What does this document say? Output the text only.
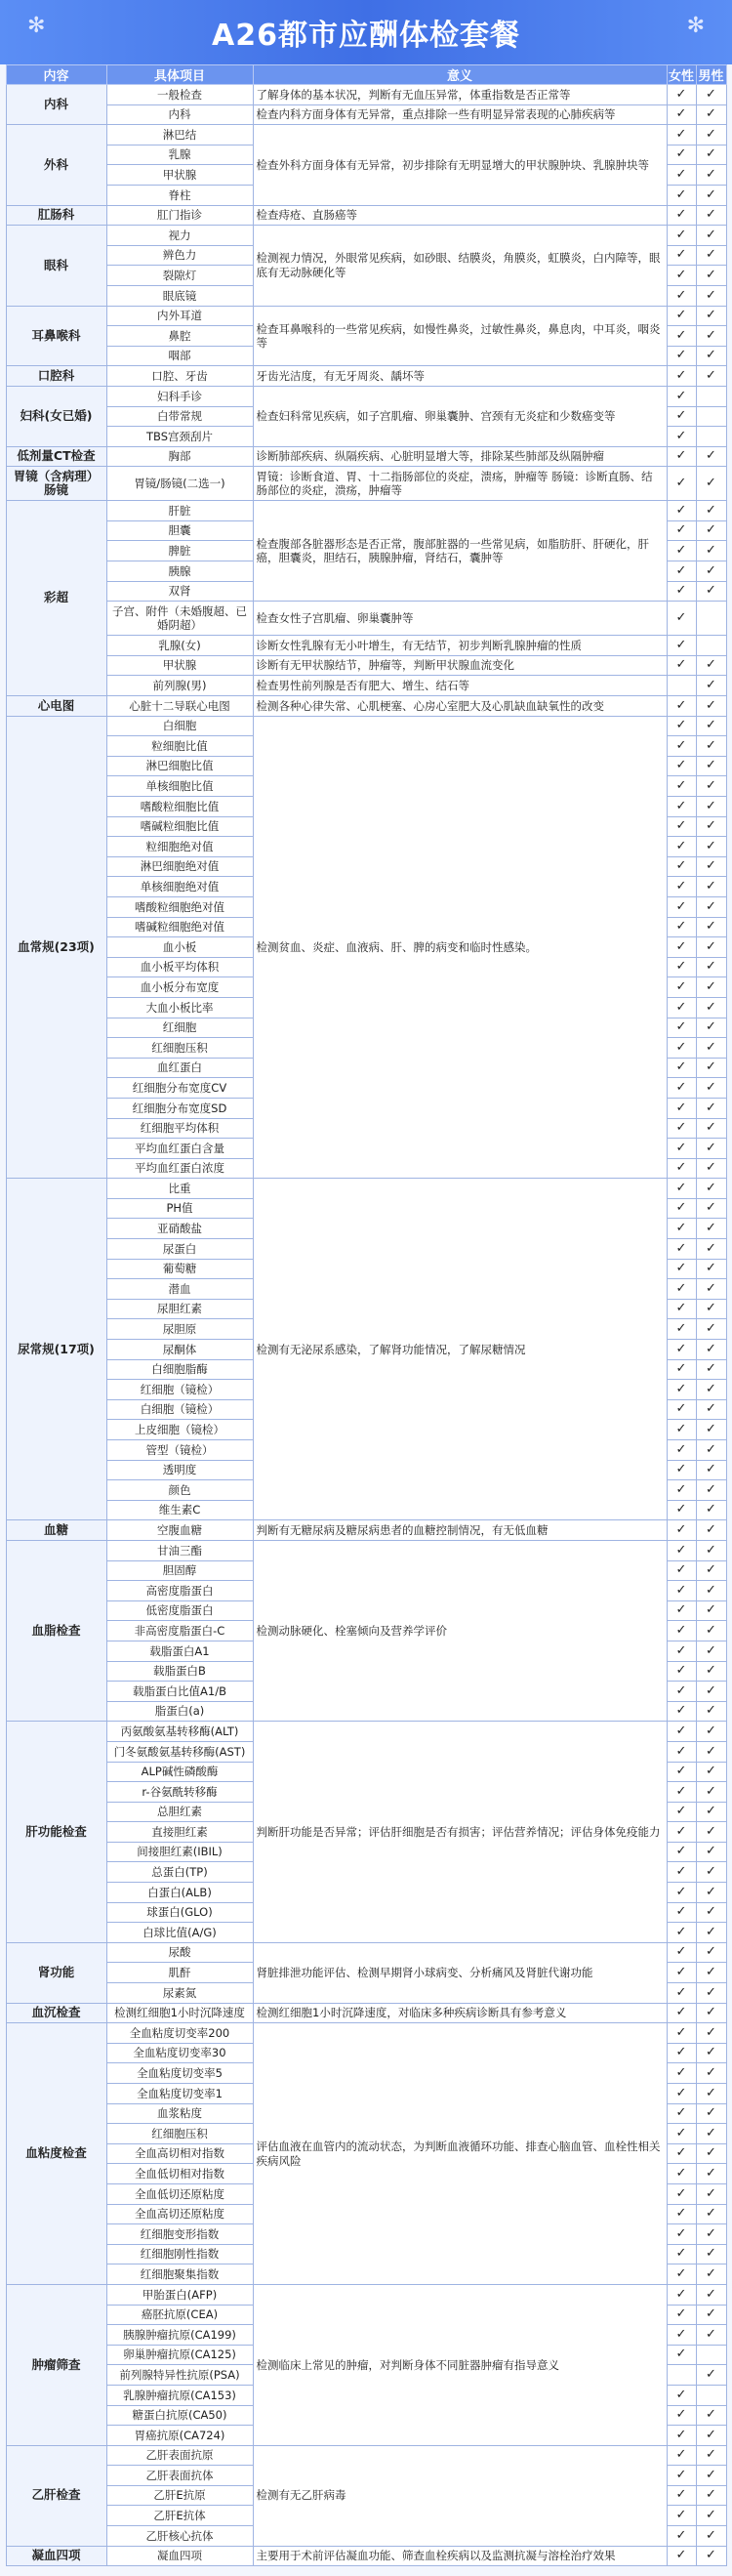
✻	A26都市应酬体检套餐	✻
内容	具体项目	意义	女性	男性
内科	一般检查	了解身体的基本状况，判断有无血压异常，体重指数是否正常等	✓	✓
	内科	检查内科方面身体有无异常，重点排除一些有明显异常表现的心肺疾病等	✓	✓
外科	淋巴结	检查外科方面身体有无异常，初步排除有无明显增大的甲状腺肿块、乳腺肿块等	✓	✓
	乳腺		✓	✓
	甲状腺		✓	✓
	脊柱		✓	✓
肛肠科	肛门指诊	检查痔疮、直肠癌等	✓	✓
眼科	视力	检测视力情况，外眼常见疾病，如砂眼、结膜炎，角膜炎，虹膜炎，白内障等，眼底有无动脉硬化等	✓	✓
	辨色力		✓	✓
	裂隙灯		✓	✓
	眼底镜		✓	✓
耳鼻喉科	内外耳道	检查耳鼻喉科的一些常见疾病，如慢性鼻炎，过敏性鼻炎，鼻息肉，中耳炎，咽炎等	✓	✓
	鼻腔		✓	✓
	咽部		✓	✓
口腔科	口腔、牙齿	牙齿光洁度，有无牙周炎、龋坏等	✓	✓
妇科(女已婚)	妇科手诊	检查妇科常见疾病，如子宫肌瘤、卵巢囊肿、宫颈有无炎症和少数癌变等	✓	
	白带常规		✓	
	TBS宫颈刮片		✓	
低剂量CT检查	胸部	诊断肺部疾病、纵隔疾病、心脏明显增大等，排除某些肺部及纵隔肿瘤	✓	✓
胃镜（含病理）肠镜	胃镜/肠镜(二选一)	胃镜：诊断食道、胃、十二指肠部位的炎症，溃疡，肿瘤等 肠镜：诊断直肠、结肠部位的炎症，溃疡，肿瘤等	✓	✓
彩超	肝脏	检查腹部各脏器形态是否正常，腹部脏器的一些常见病，如脂肪肝、肝硬化，肝癌，胆囊炎，胆结石，胰腺肿瘤，肾结石，囊肿等	✓	✓
	胆囊		✓	✓
	脾脏		✓	✓
	胰腺		✓	✓
	双肾		✓	✓
	子宫、附件（未婚腹超、已婚阴超）	检查女性子宫肌瘤、卵巢囊肿等	✓	
	乳腺(女)	诊断女性乳腺有无小叶增生，有无结节，初步判断乳腺肿瘤的性质	✓	
	甲状腺	诊断有无甲状腺结节，肿瘤等，判断甲状腺血流变化	✓	✓
	前列腺(男)	检查男性前列腺是否有肥大、增生、结石等		✓
心电图	心脏十二导联心电图	检测各种心律失常、心肌梗塞、心房心室肥大及心肌缺血缺氧性的改变	✓	✓
血常规(23项)	白细胞	检测贫血、炎症、血液病、肝、脾的病变和临时性感染。	✓	✓
	粒细胞比值		✓	✓
	淋巴细胞比值		✓	✓
	单核细胞比值		✓	✓
	嗜酸粒细胞比值		✓	✓
	嗜碱粒细胞比值		✓	✓
	粒细胞绝对值		✓	✓
	淋巴细胞绝对值		✓	✓
	单核细胞绝对值		✓	✓
	嗜酸粒细胞绝对值		✓	✓
	嗜碱粒细胞绝对值		✓	✓
	血小板		✓	✓
	血小板平均体积		✓	✓
	血小板分布宽度		✓	✓
	大血小板比率		✓	✓
	红细胞		✓	✓
	红细胞压积		✓	✓
	血红蛋白		✓	✓
	红细胞分布宽度CV		✓	✓
	红细胞分布宽度SD		✓	✓
	红细胞平均体积		✓	✓
	平均血红蛋白含量		✓	✓
	平均血红蛋白浓度		✓	✓
尿常规(17项)	比重	检测有无泌尿系感染，了解肾功能情况，了解尿糖情况	✓	✓
	PH值		✓	✓
	亚硝酸盐		✓	✓
	尿蛋白		✓	✓
	葡萄糖		✓	✓
	潜血		✓	✓
	尿胆红素		✓	✓
	尿胆原		✓	✓
	尿酮体		✓	✓
	白细胞脂酶		✓	✓
	红细胞（镜检）		✓	✓
	白细胞（镜检）		✓	✓
	上皮细胞（镜检）		✓	✓
	管型（镜检）		✓	✓
	透明度		✓	✓
	颜色		✓	✓
	维生素C		✓	✓
血糖	空腹血糖	判断有无糖尿病及糖尿病患者的血糖控制情况，有无低血糖	✓	✓
血脂检查	甘油三酯	检测动脉硬化、栓塞倾向及营养学评价	✓	✓
	胆固醇		✓	✓
	高密度脂蛋白		✓	✓
	低密度脂蛋白		✓	✓
	非高密度脂蛋白-C		✓	✓
	载脂蛋白A1		✓	✓
	载脂蛋白B		✓	✓
	载脂蛋白比值A1/B		✓	✓
	脂蛋白(a)		✓	✓
肝功能检查	丙氨酸氨基转移酶(ALT)	判断肝功能是否异常；评估肝细胞是否有损害；评估营养情况；评估身体免疫能力	✓	✓
	门冬氨酸氨基转移酶(AST)		✓	✓
	ALP碱性磷酸酶		✓	✓
	r-谷氨酰转移酶		✓	✓
	总胆红素		✓	✓
	直接胆红素		✓	✓
	间接胆红素(IBIL)		✓	✓
	总蛋白(TP)		✓	✓
	白蛋白(ALB)		✓	✓
	球蛋白(GLO)		✓	✓
	白球比值(A/G)		✓	✓
肾功能	尿酸	肾脏排泄功能评估、检测早期肾小球病变、分析痛风及肾脏代谢功能	✓	✓
	肌酐		✓	✓
	尿素氮		✓	✓
血沉检查	检测红细胞1小时沉降速度	检测红细胞1小时沉降速度，对临床多种疾病诊断具有参考意义	✓	✓
血粘度检查	全血粘度切变率200	评估血液在血管内的流动状态，为判断血液循环功能、排查心脑血管、血栓性相关疾病风险	✓	✓
	全血粘度切变率30		✓	✓
	全血粘度切变率5		✓	✓
	全血粘度切变率1		✓	✓
	血浆粘度		✓	✓
	红细胞压积		✓	✓
	全血高切相对指数		✓	✓
	全血低切相对指数		✓	✓
	全血低切还原粘度		✓	✓
	全血高切还原粘度		✓	✓
	红细胞变形指数		✓	✓
	红细胞刚性指数		✓	✓
	红细胞聚集指数		✓	✓
肿瘤筛查	甲胎蛋白(AFP)	检测临床上常见的肿瘤，对判断身体不同脏器肿瘤有指导意义	✓	✓
	癌胚抗原(CEA)		✓	✓
	胰腺肿瘤抗原(CA199)		✓	✓
	卵巢肿瘤抗原(CA125)		✓	
	前列腺特异性抗原(PSA)			✓
	乳腺肿瘤抗原(CA153)		✓	
	糖蛋白抗原(CA50)		✓	✓
	胃癌抗原(CA724)		✓	✓
乙肝检查	乙肝表面抗原	检测有无乙肝病毒	✓	✓
	乙肝表面抗体		✓	✓
	乙肝E抗原		✓	✓
	乙肝E抗体		✓	✓
	乙肝核心抗体		✓	✓
凝血四项	凝血四项	主要用于术前评估凝血功能、筛查血栓疾病以及监测抗凝与溶栓治疗效果	✓	✓
